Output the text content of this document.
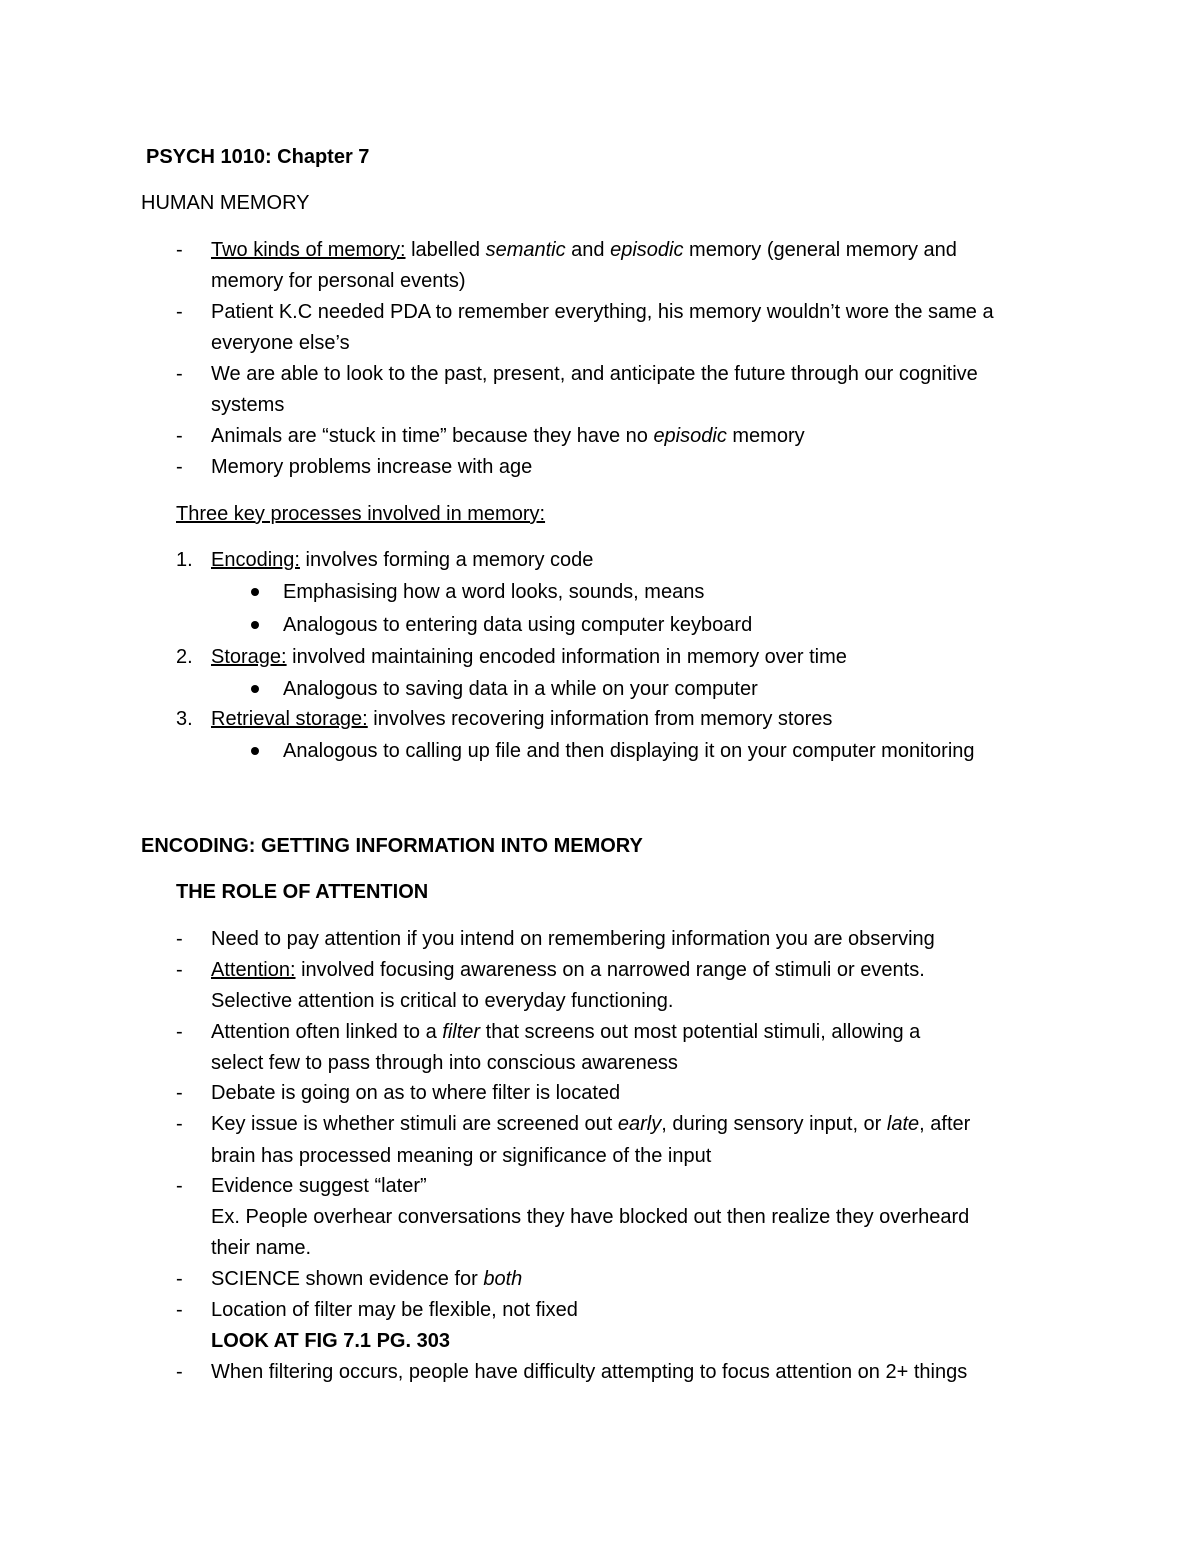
PSYCH 1010: Chapter 7
HUMAN MEMORY
- Two kinds of memory: labelled semantic and episodic memory (general memory and
memory for personal events)
- Patient K.C needed PDA to remember everything, his memory wouldn’t wore the same a
everyone else’s
- We are able to look to the past, present, and anticipate the future through our cognitive
systems
- Animals are “stuck in time” because they have no episodic memory
- Memory problems increase with age
Three key processes involved in memory:
1. Encoding: involves forming a memory code
Emphasising how a word looks, sounds, means
Analogous to entering data using computer keyboard
2. Storage: involved maintaining encoded information in memory over time
Analogous to saving data in a while on your computer
3. Retrieval storage: involves recovering information from memory stores
Analogous to calling up file and then displaying it on your computer monitoring
ENCODING: GETTING INFORMATION INTO MEMORY
THE ROLE OF ATTENTION
- Need to pay attention if you intend on remembering information you are observing
- Attention: involved focusing awareness on a narrowed range of stimuli or events.
Selective attention is critical to everyday functioning.
- Attention often linked to a filter that screens out most potential stimuli, allowing a
select few to pass through into conscious awareness
- Debate is going on as to where filter is located
- Key issue is whether stimuli are screened out early, during sensory input, or late, after
brain has processed meaning or significance of the input
- Evidence suggest “later”
Ex. People overhear conversations they have blocked out then realize they overheard
their name.
- SCIENCE shown evidence for both
- Location of filter may be flexible, not fixed
LOOK AT FIG 7.1 PG. 303
- When filtering occurs, people have difficulty attempting to focus attention on 2+ things
